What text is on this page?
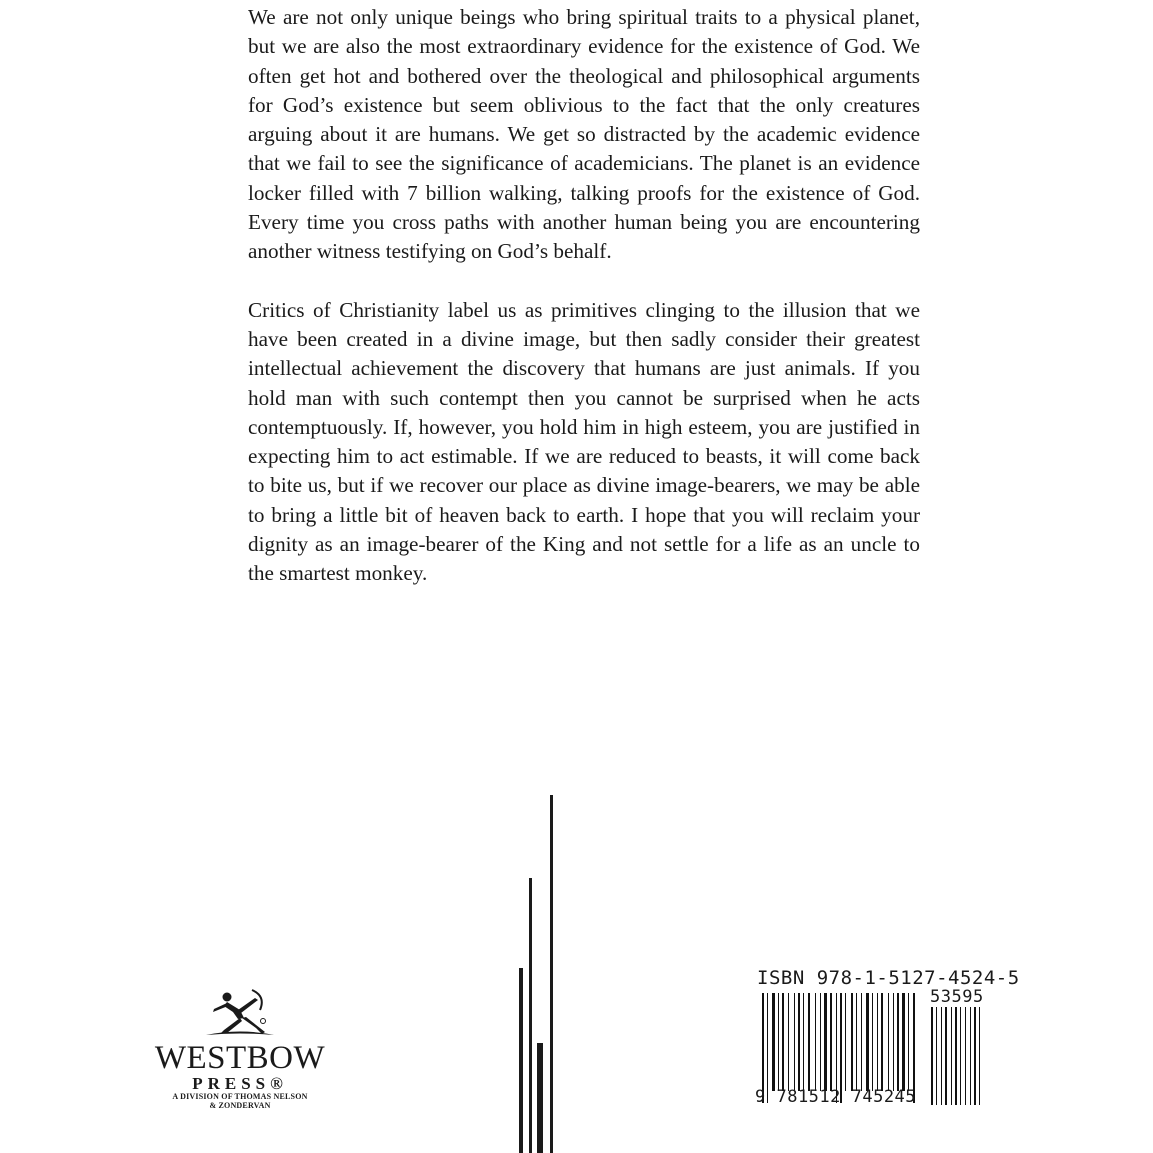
We are not only unique beings who bring spiritual traits to a physical planet, but we are also the most extraordinary evidence for the existence of God. We often get hot and bothered over the theological and philosophical arguments for God’s existence but seem oblivious to the fact that the only creatures arguing about it are humans. We get so distracted by the academic evidence that we fail to see the significance of academicians. The planet is an evidence locker filled with 7 billion walking, talking proofs for the existence of God. Every time you cross paths with another human being you are encountering another witness testifying on God’s behalf.

Critics of Christianity label us as primitives clinging to the illusion that we have been created in a divine image, but then sadly consider their greatest intellectual achievement the discovery that humans are just animals. If you hold man with such contempt then you cannot be surprised when he acts contemptuously. If, however, you hold him in high esteem, you are justified in expecting him to act estimable. If we are reduced to beasts, it will come back to bite us, but if we recover our place as divine image-bearers, we may be able to bring a little bit of heaven back to earth. I hope that you will reclaim your dignity as an image-bearer of the King and not settle for a life as an uncle to the smartest monkey.

WESTBOW
PRESS®
A DIVISION OF THOMAS NELSON
& ZONDERVAN
ISBN 978-1-5127-4524-5
53595
9 781512 745245
